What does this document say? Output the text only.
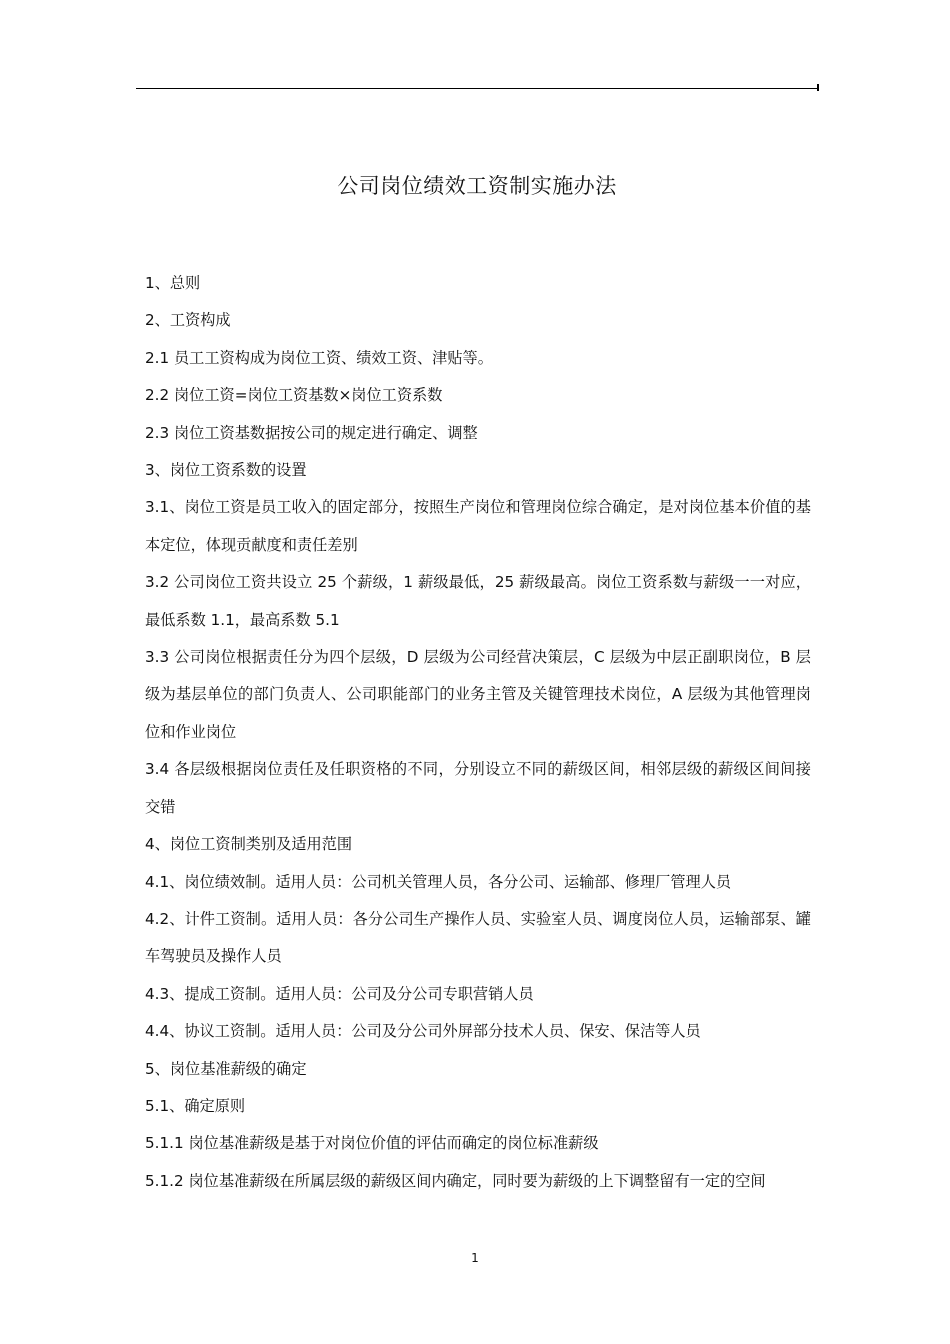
公司岗位绩效工资制实施办法

1、总则

2、工资构成

2.1 员工工资构成为岗位工资、绩效工资、津贴等。

2.2 岗位工资=岗位工资基数×岗位工资系数

2.3 岗位工资基数据按公司的规定进行确定、调整

3、岗位工资系数的设置

3.1、岗位工资是员工收入的固定部分，按照生产岗位和管理岗位综合确定，是对岗位基本价值的基本定位，体现贡献度和责任差别

3.2 公司岗位工资共设立 25 个薪级，1 薪级最低，25 薪级最高。岗位工资系数与薪级一一对应，最低系数 1.1，最高系数 5.1

3.3 公司岗位根据责任分为四个层级，D 层级为公司经营决策层，C 层级为中层正副职岗位，B 层级为基层单位的部门负责人、公司职能部门的业务主管及关键管理技术岗位，A 层级为其他管理岗位和作业岗位

3.4 各层级根据岗位责任及任职资格的不同，分别设立不同的薪级区间，相邻层级的薪级区间间接交错

4、岗位工资制类别及适用范围

4.1、岗位绩效制。适用人员：公司机关管理人员，各分公司、运输部、修理厂管理人员

4.2、计件工资制。适用人员：各分公司生产操作人员、实验室人员、调度岗位人员，运输部泵、罐车驾驶员及操作人员

4.3、提成工资制。适用人员：公司及分公司专职营销人员

4.4、协议工资制。适用人员：公司及分公司外屏部分技术人员、保安、保洁等人员

5、岗位基准薪级的确定

5.1、确定原则

5.1.1 岗位基准薪级是基于对岗位价值的评估而确定的岗位标准薪级

5.1.2 岗位基准薪级在所属层级的薪级区间内确定，同时要为薪级的上下调整留有一定的空间

1
